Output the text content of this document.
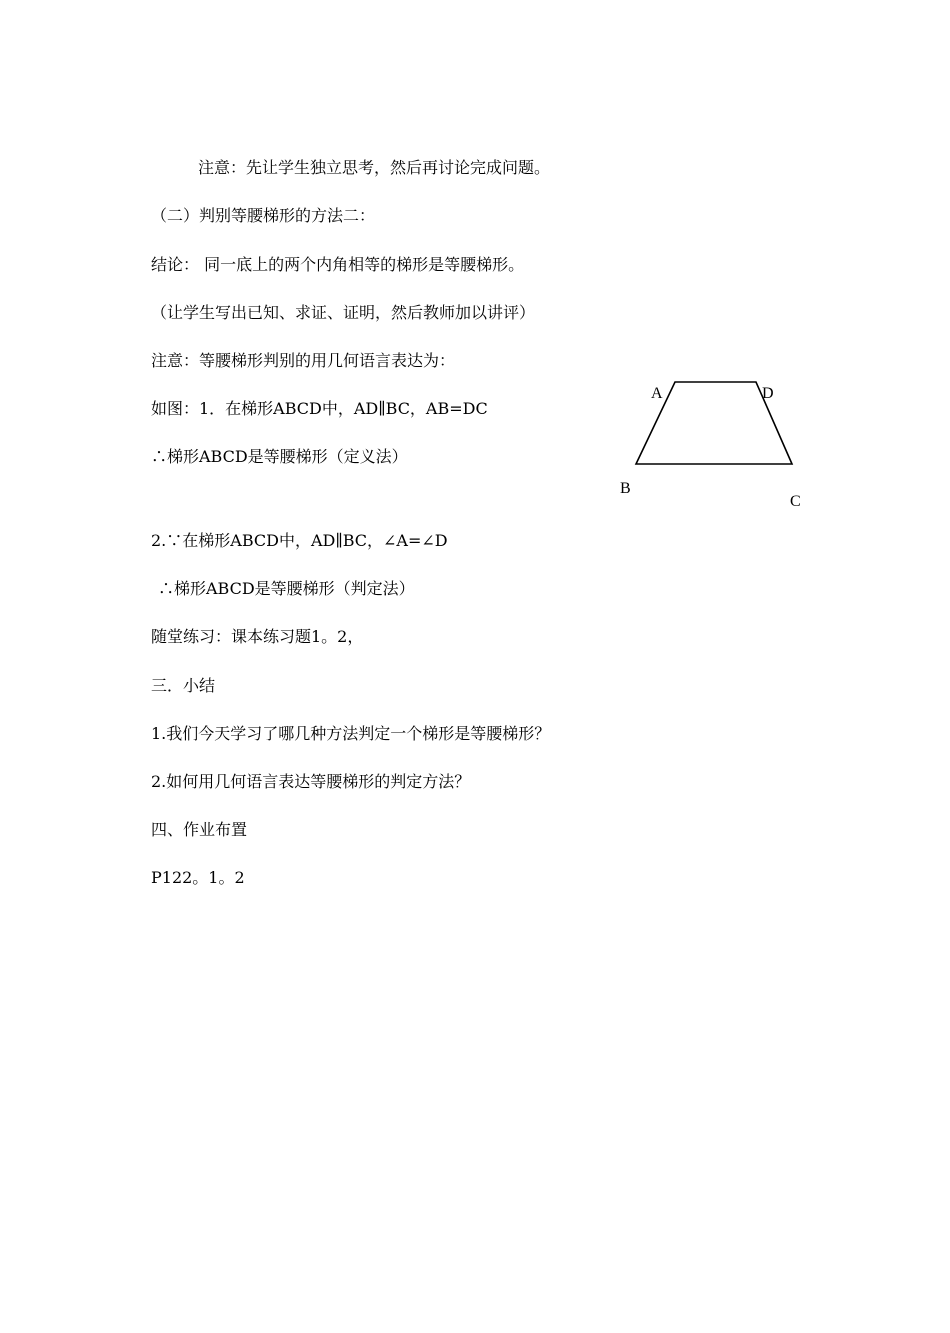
注意：先让学生独立思考，然后再讨论完成问题。
（二）判别等腰梯形的方法二：
结论： 同一底上的两个内角相等的梯形是等腰梯形。
（让学生写出已知、求证、证明，然后教师加以讲评）
注意：等腰梯形判别的用几何语言表达为：
如图：1．在梯形ABCD中，AD∥BC，AB=DC
∴梯形ABCD是等腰梯形（定义法）
2.∵在梯形ABCD中，AD∥BC，∠A=∠D
∴梯形ABCD是等腰梯形（判定法）
随堂练习：课本练习题1。2，
三．小结
1.我们今天学习了哪几种方法判定一个梯形是等腰梯形？
2.如何用几何语言表达等腰梯形的判定方法？
四、作业布置
P122。1。2
A	D
B
C
